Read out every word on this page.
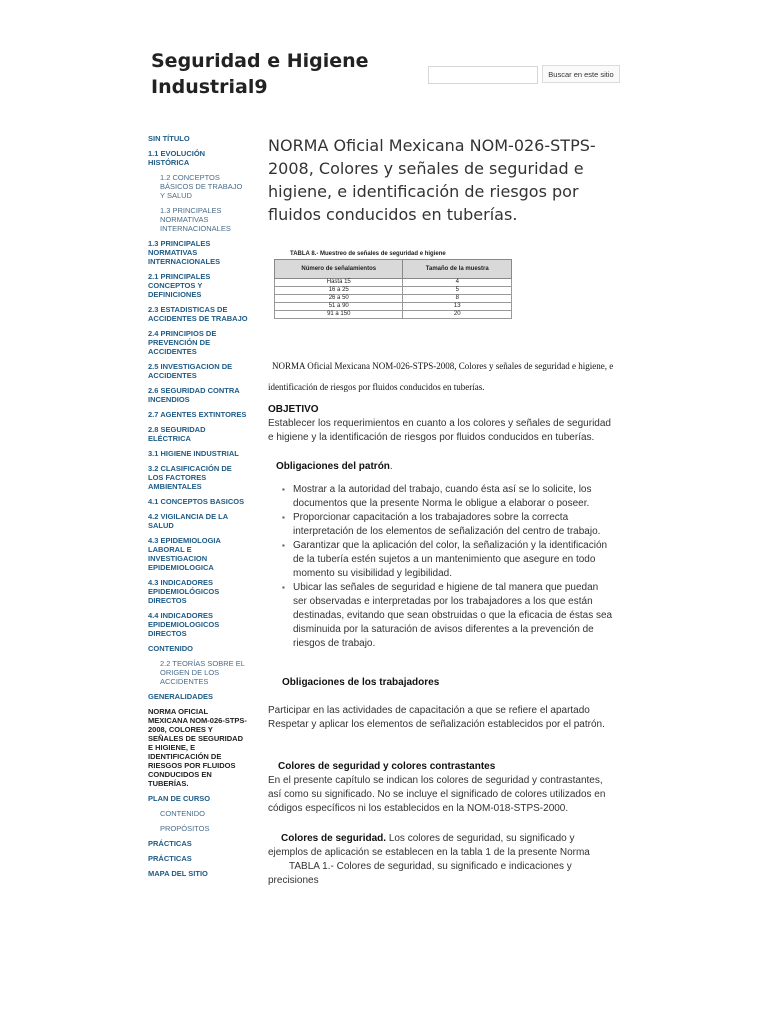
Seguridad e Higiene Industrial9
Buscar en este sitio
SIN TÍTULO
1.1 EVOLUCIÓN HISTÓRICA
1.2 CONCEPTOS BÁSICOS DE TRABAJO Y SALUD
1.3 PRINCIPALES NORMATIVAS INTERNACIONALES
1.3 PRINCIPALES NORMATIVAS INTERNACIONALES
2.1 PRINCIPALES CONCEPTOS Y DEFINICIONES
2.3 ESTADISTICAS DE ACCIDENTES DE TRABAJO
2.4 PRINCIPIOS DE PREVENCIÓN DE ACCIDENTES
2.5 INVESTIGACION DE ACCIDENTES
2.6 SEGURIDAD CONTRA INCENDIOS
2.7 AGENTES EXTINTORES
2.8 SEGURIDAD ELÉCTRICA
3.1 HIGIENE INDUSTRIAL
3.2 CLASIFICACIÓN DE LOS FACTORES AMBIENTALES
4.1 CONCEPTOS BASICOS
4.2 VIGILANCIA DE LA SALUD
4.3 EPIDEMIOLOGIA LABORAL E INVESTIGACION EPIDEMIOLOGICA
4.3 INDICADORES EPIDEMIOLÓGICOS DIRECTOS
4.4 INDICADORES EPIDEMIOLOGICOS DIRECTOS
CONTENIDO
2.2 TEORÍAS SOBRE EL ORIGEN DE LOS ACCIDENTES
GENERALIDADES
NORMA OFICIAL MEXICANA NOM-026-STPS-2008, COLORES Y SEÑALES DE SEGURIDAD E HIGIENE, E IDENTIFICACIÓN DE RIESGOS POR FLUIDOS CONDUCIDOS EN TUBERÍAS.
PLAN DE CURSO
CONTENIDO
PROPÓSITOS
PRÁCTICAS
PRÁCTICAS
MAPA DEL SITIO
NORMA Oficial Mexicana NOM-026-STPS-2008, Colores y señales de seguridad e higiene, e identificación de riesgos por fluidos conducidos en tuberías.
TABLA 8.- Muestreo de señales de seguridad e higiene
Número de señalamientos	Tamaño de la muestra
Hasta 15	4
16 a 25	5
26 a 50	8
51 a 90	13
91 a 150	20
NORMA Oficial Mexicana NOM-026-STPS-2008, Colores y señales de seguridad e higiene, e identificación de riesgos por fluidos conducidos en tuberías.
OBJETIVO
Establecer los requerimientos en cuanto a los colores y señales de seguridad e higiene y la identificación de riesgos por fluidos conducidos en tuberías.
Obligaciones del patrón.
▪ Mostrar a la autoridad del trabajo, cuando ésta así se lo solicite, los documentos que la presente Norma le obligue a elaborar o poseer.
▪ Proporcionar capacitación a los trabajadores sobre la correcta interpretación de los elementos de señalización del centro de trabajo.
▪ Garantizar que la aplicación del color, la señalización y la identificación de la tubería estén sujetos a un mantenimiento que asegure en todo momento su visibilidad y legibilidad.
▪ Ubicar las señales de seguridad e higiene de tal manera que puedan ser observadas e interpretadas por los trabajadores a los que están destinadas, evitando que sean obstruidas o que la eficacia de éstas sea disminuida por la saturación de avisos diferentes a la prevención de riesgos de trabajo.
Obligaciones de los trabajadores
Participar en las actividades de capacitación a que se refiere el apartado Respetar y aplicar los elementos de señalización establecidos por el patrón.
Colores de seguridad y colores contrastantes
En el presente capítulo se indican los colores de seguridad y contrastantes, así como su significado. No se incluye el significado de colores utilizados en códigos específicos ni los establecidos en la NOM-018-STPS-2000.
Colores de seguridad. Los colores de seguridad, su significado y ejemplos de aplicación se establecen en la tabla 1 de la presente Norma
TABLA 1.- Colores de seguridad, su significado e indicaciones y precisiones
